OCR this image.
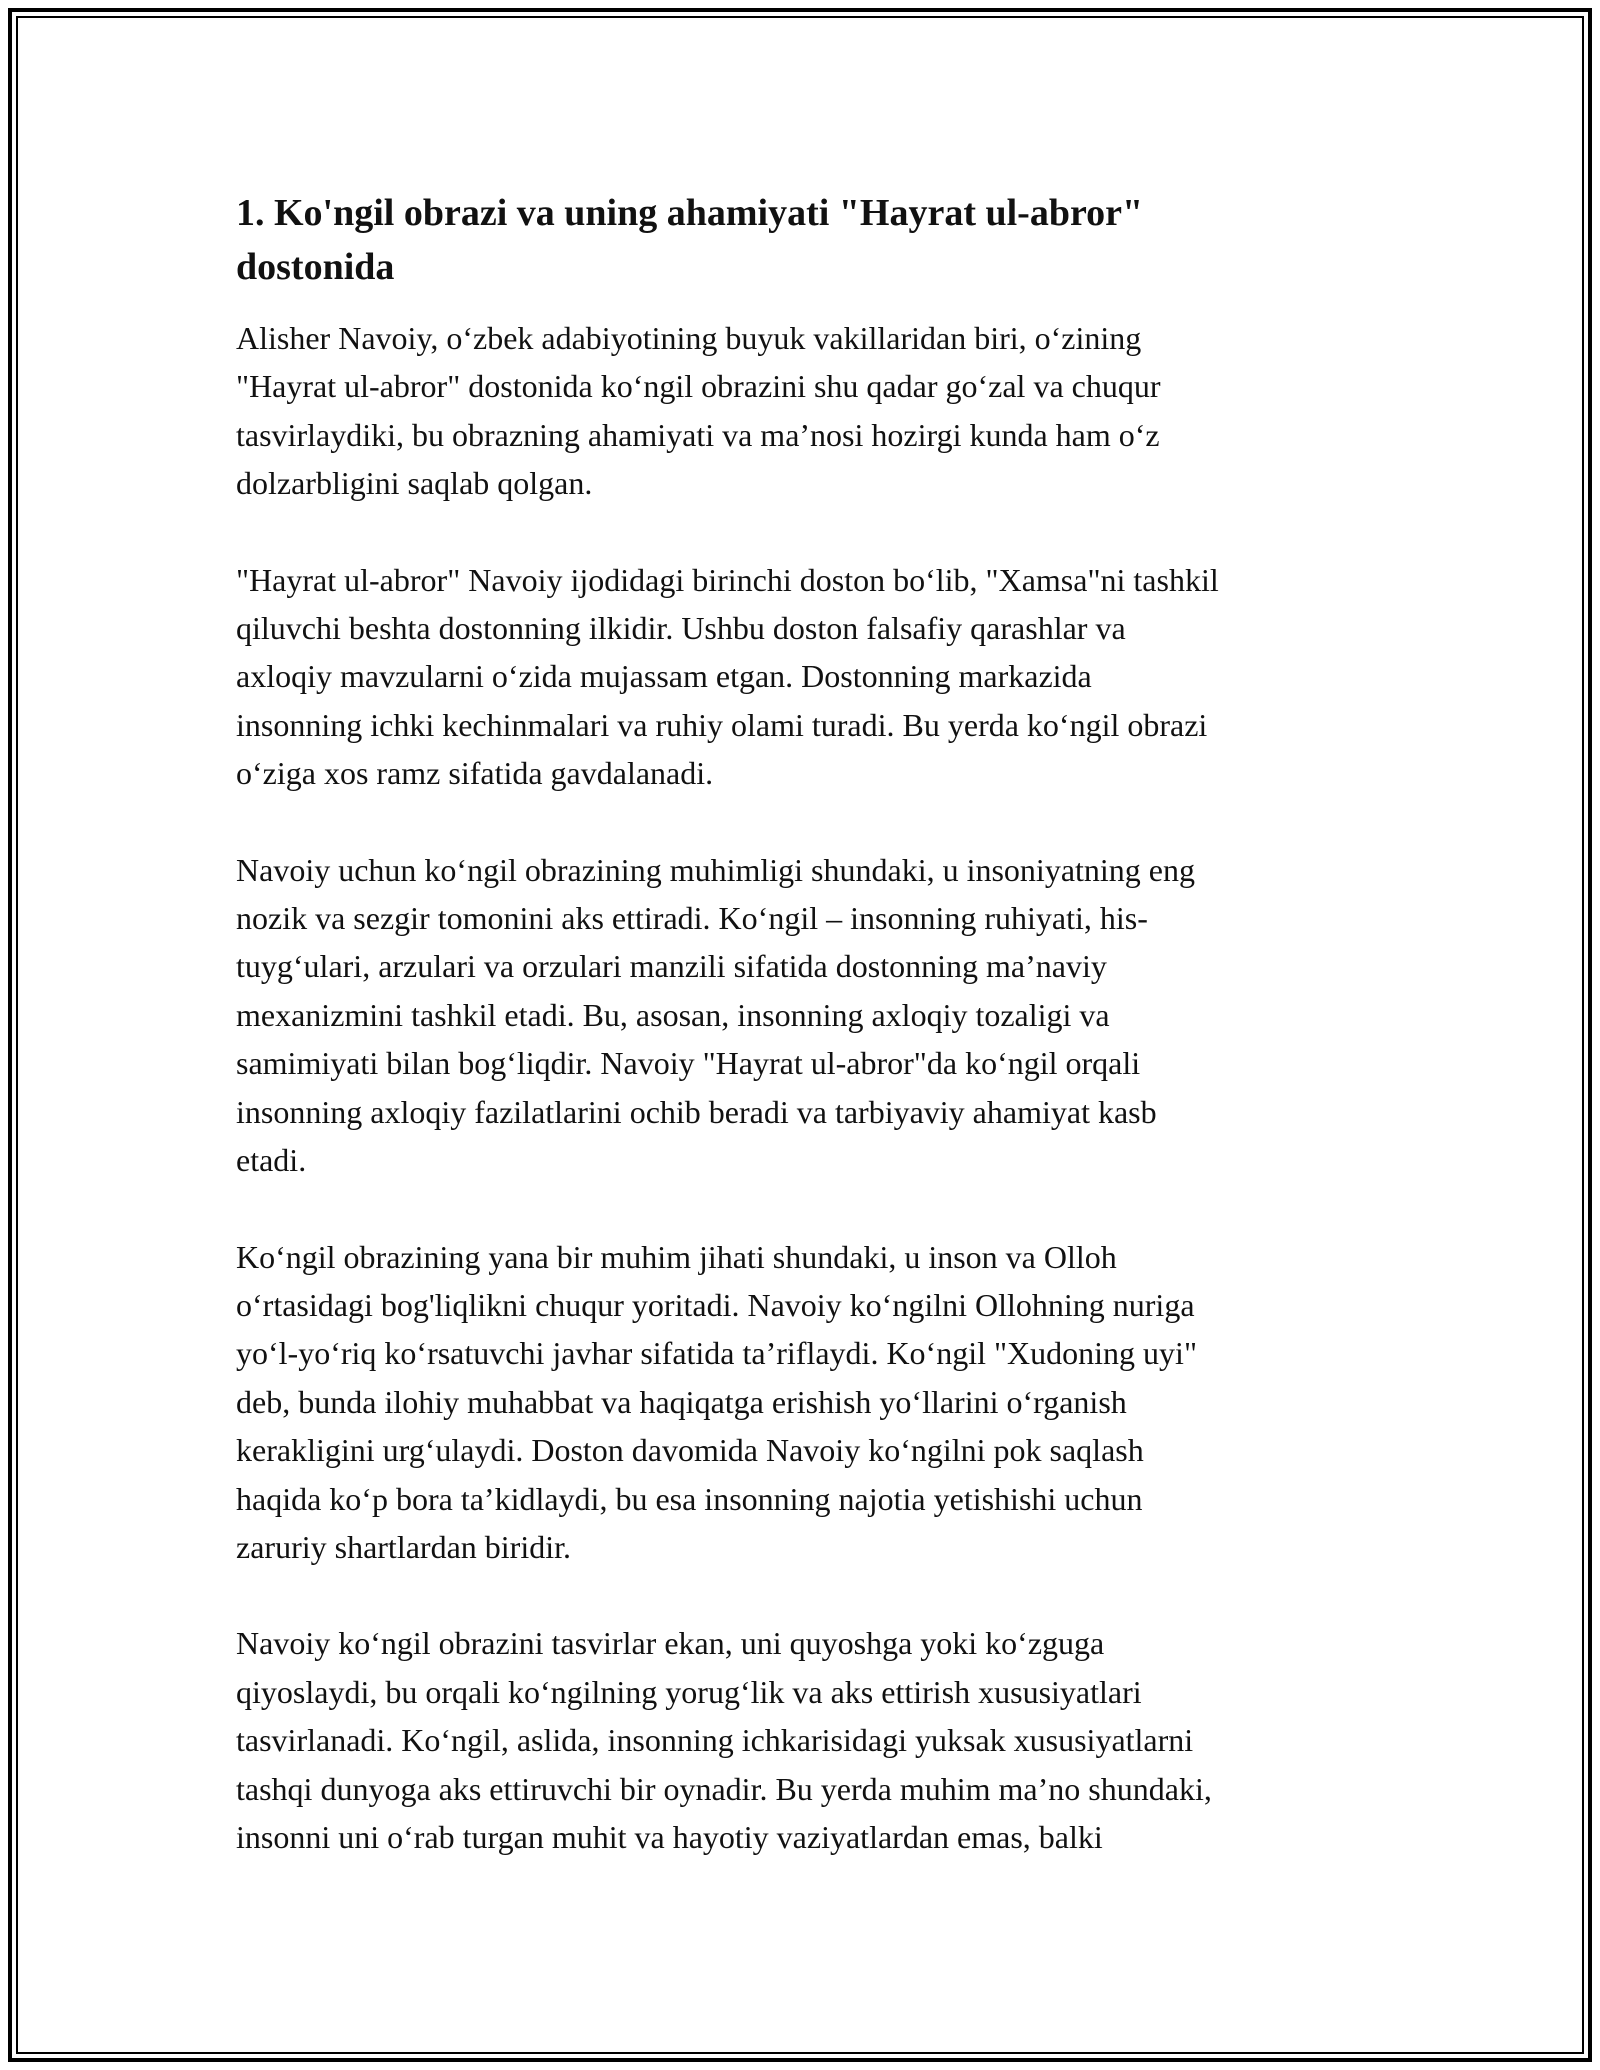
1. Ko'ngil obrazi va uning ahamiyati "Hayrat ul-abror"
dostonida

Alisher Navoiy, o‘zbek adabiyotining buyuk vakillaridan biri, o‘zining
"Hayrat ul-abror" dostonida ko‘ngil obrazini shu qadar go‘zal va chuqur
tasvirlaydiki, bu obrazning ahamiyati va ma’nosi hozirgi kunda ham o‘z
dolzarbligini saqlab qolgan.

"Hayrat ul-abror" Navoiy ijodidagi birinchi doston bo‘lib, "Xamsa"ni tashkil
qiluvchi beshta dostonning ilkidir. Ushbu doston falsafiy qarashlar va
axloqiy mavzularni o‘zida mujassam etgan. Dostonning markazida
insonning ichki kechinmalari va ruhiy olami turadi. Bu yerda ko‘ngil obrazi
o‘ziga xos ramz sifatida gavdalanadi.

Navoiy uchun ko‘ngil obrazining muhimligi shundaki, u insoniyatning eng
nozik va sezgir tomonini aks ettiradi. Ko‘ngil – insonning ruhiyati, his-
tuyg‘ulari, arzulari va orzulari manzili sifatida dostonning ma’naviy
mexanizmini tashkil etadi. Bu, asosan, insonning axloqiy tozaligi va
samimiyati bilan bog‘liqdir. Navoiy "Hayrat ul-abror"da ko‘ngil orqali
insonning axloqiy fazilatlarini ochib beradi va tarbiyaviy ahamiyat kasb
etadi.

Ko‘ngil obrazining yana bir muhim jihati shundaki, u inson va Olloh
o‘rtasidagi bog'liqlikni chuqur yoritadi. Navoiy ko‘ngilni Ollohning nuriga
yo‘l-yo‘riq ko‘rsatuvchi javhar sifatida ta’riflaydi. Ko‘ngil "Xudoning uyi"
deb, bunda ilohiy muhabbat va haqiqatga erishish yo‘llarini o‘rganish
kerakligini urg‘ulaydi. Doston davomida Navoiy ko‘ngilni pok saqlash
haqida ko‘p bora ta’kidlaydi, bu esa insonning najotia yetishishi uchun
zaruriy shartlardan biridir.

Navoiy ko‘ngil obrazini tasvirlar ekan, uni quyoshga yoki ko‘zguga
qiyoslaydi, bu orqali ko‘ngilning yorug‘lik va aks ettirish xususiyatlari
tasvirlanadi. Ko‘ngil, aslida, insonning ichkarisidagi yuksak xususiyatlarni
tashqi dunyoga aks ettiruvchi bir oynadir. Bu yerda muhim ma’no shundaki,
insonni uni o‘rab turgan muhit va hayotiy vaziyatlardan emas, balki
